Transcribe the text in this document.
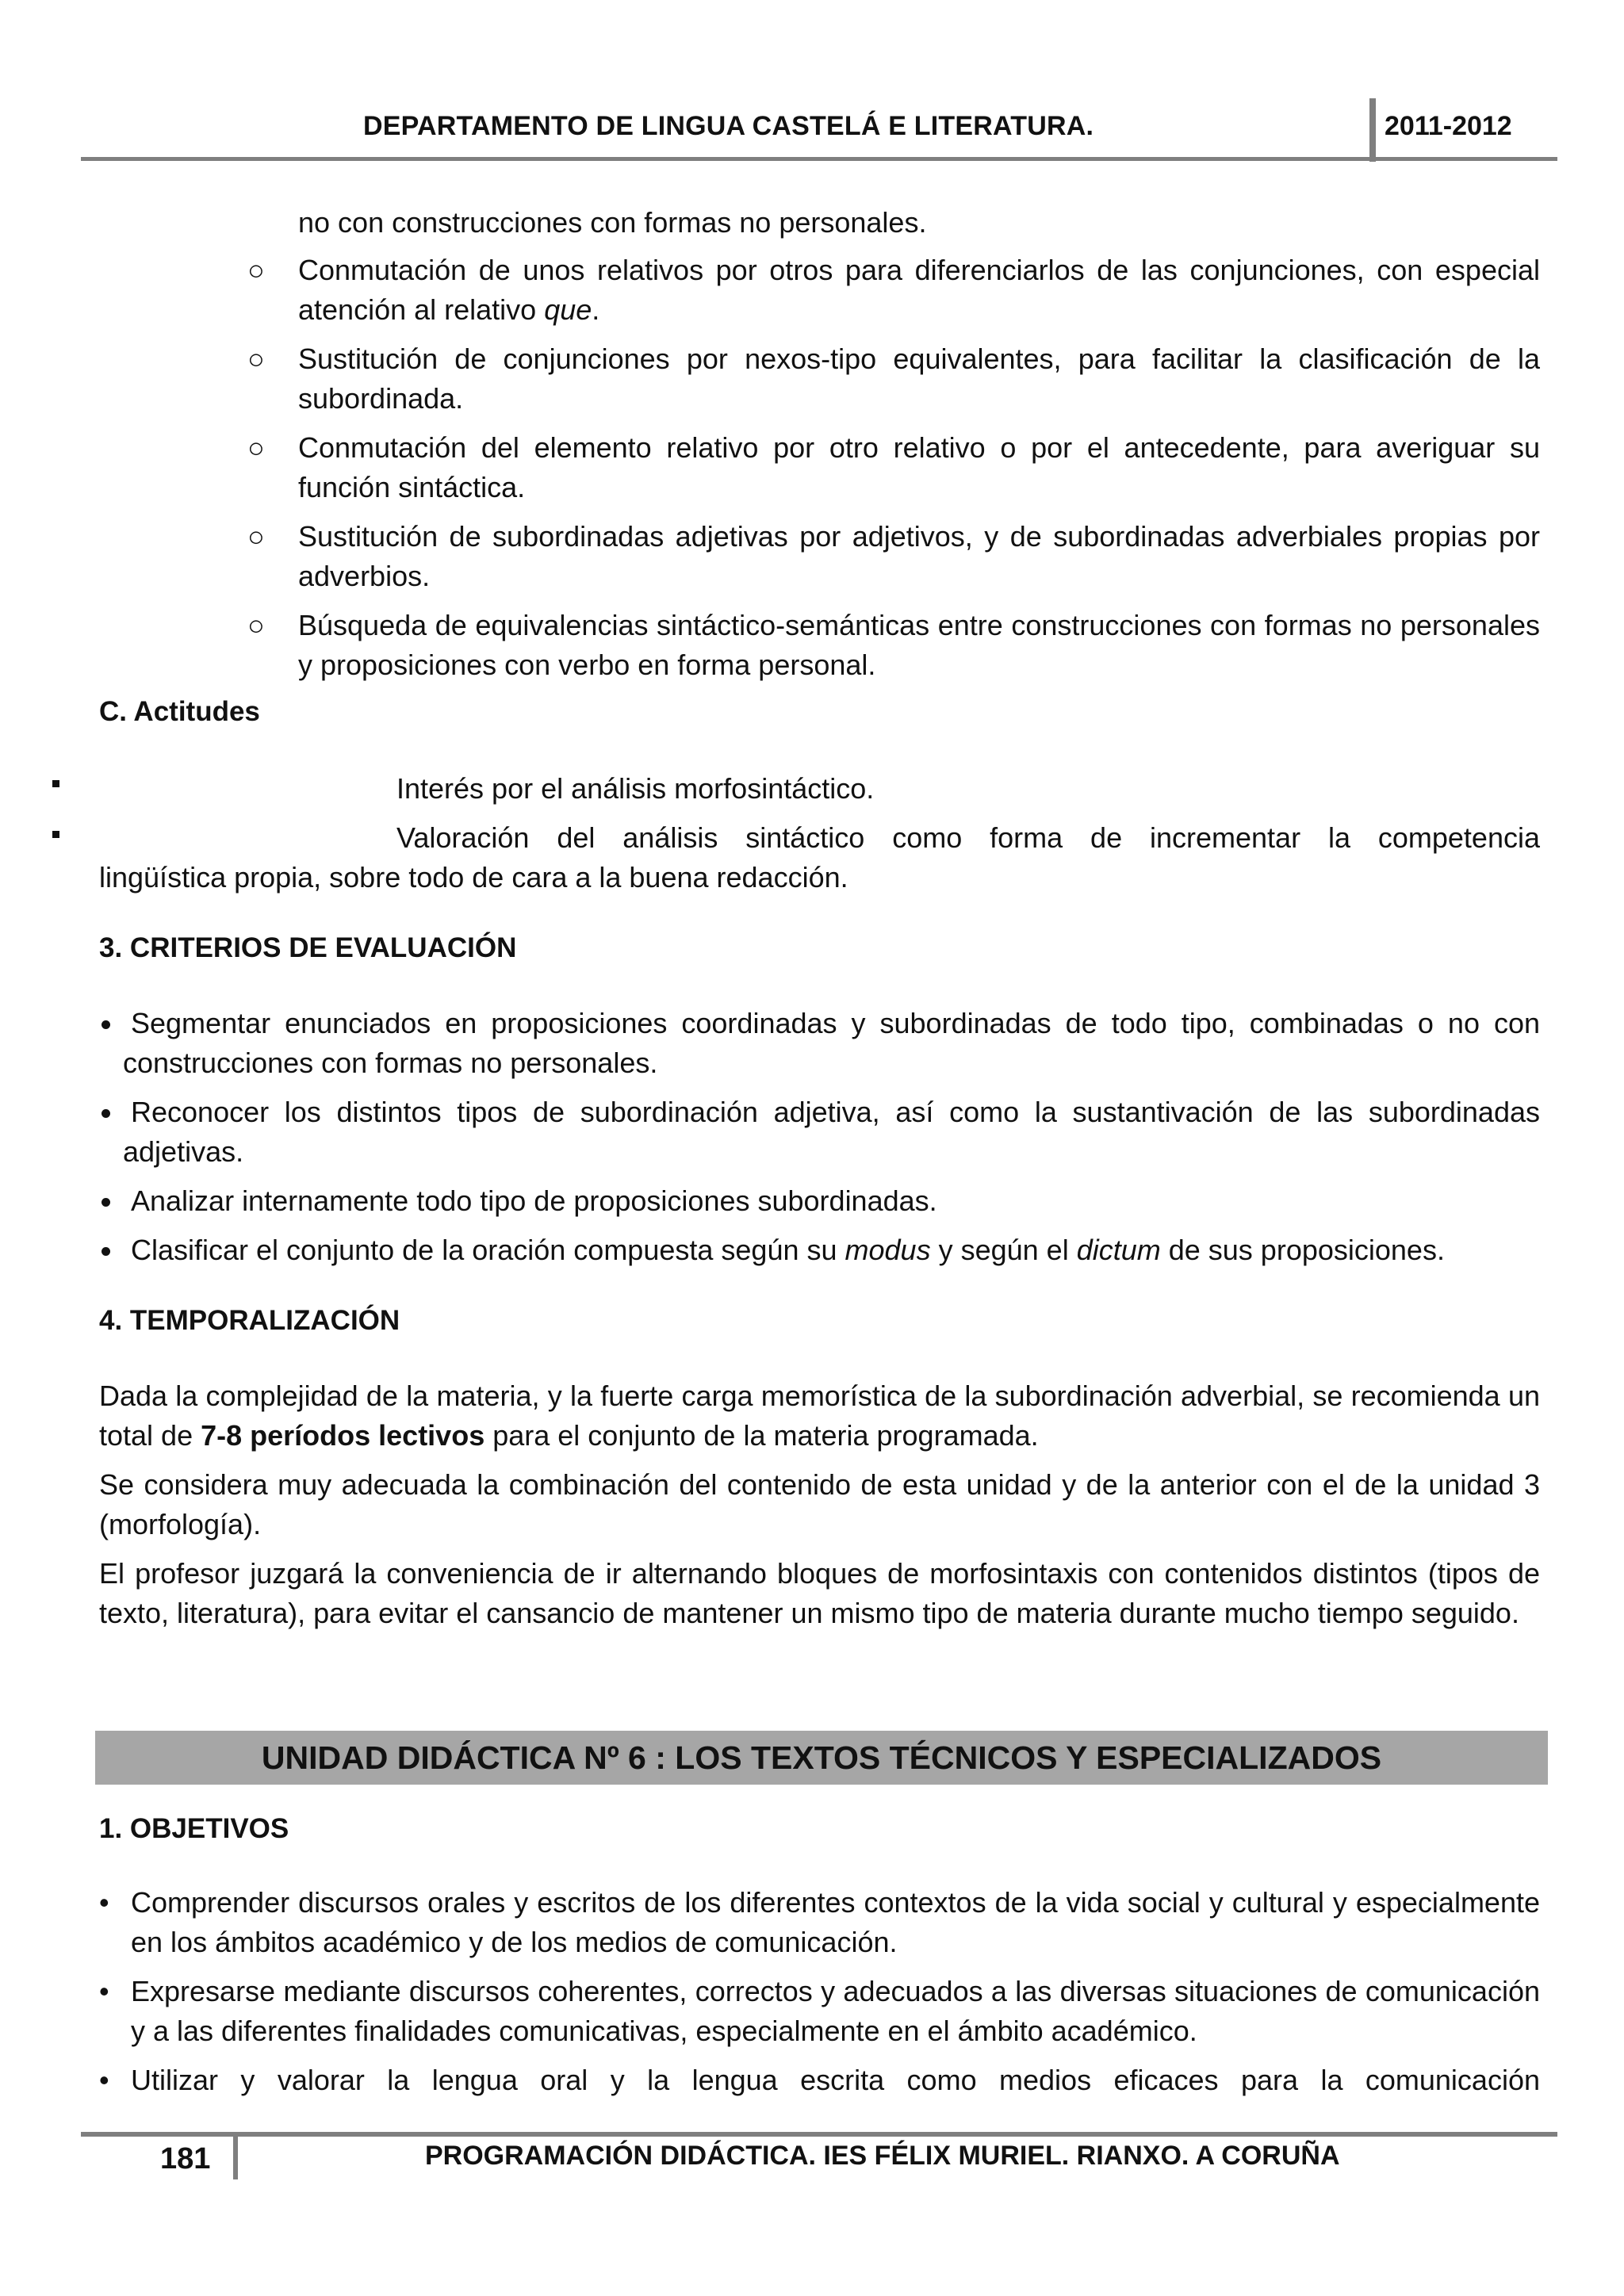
DEPARTAMENTO DE LINGUA CASTELÁ E LITERATURA.	2011-2012
no con construcciones con formas no personales.
○ Conmutación de unos relativos por otros para diferenciarlos de las conjunciones, con especial atención al relativo que.
○ Sustitución de conjunciones por nexos-tipo equivalentes, para facilitar la clasificación de la subordinada.
○ Conmutación del elemento relativo por otro relativo o por el antecedente, para averiguar su función sintáctica.
○ Sustitución de subordinadas adjetivas por adjetivos, y de subordinadas adverbiales propias por adverbios.
○ Búsqueda de equivalencias sintáctico-semánticas entre construcciones con formas no personales y proposiciones con verbo en forma personal.
C. Actitudes
Interés por el análisis morfosintáctico.
Valoración del análisis sintáctico como forma de incrementar la competencia
lingüística propia, sobre todo de cara a la buena redacción.
3. CRITERIOS DE EVALUACIÓN
Segmentar enunciados en proposiciones coordinadas y subordinadas de todo tipo, combinadas o no con construcciones con formas no personales.
Reconocer los distintos tipos de subordinación adjetiva, así como la sustantivación de las subordinadas adjetivas.
Analizar internamente todo tipo de proposiciones subordinadas.
Clasificar el conjunto de la oración compuesta según su modus y según el dictum de sus proposiciones.
4. TEMPORALIZACIÓN
Dada la complejidad de la materia, y la fuerte carga memorística de la subordinación adverbial, se recomienda un total de 7-8 períodos lectivos para el conjunto de la materia programada.
Se considera muy adecuada la combinación del contenido de esta unidad y de la anterior con el de la unidad 3 (morfología).
El profesor juzgará la conveniencia de ir alternando bloques de morfosintaxis con contenidos distintos (tipos de texto, literatura), para evitar el cansancio de mantener un mismo tipo de materia durante mucho tiempo seguido.
UNIDAD DIDÁCTICA Nº 6 : LOS TEXTOS TÉCNICOS Y ESPECIALIZADOS
1. OBJETIVOS
• Comprender discursos orales y escritos de los diferentes contextos de la vida social y cultural y especialmente en los ámbitos académico y de los medios de comunicación.
• Expresarse mediante discursos coherentes, correctos y adecuados a las diversas situaciones de comunicación y a las diferentes finalidades comunicativas, especialmente en el ámbito académico.
• Utilizar y valorar la lengua oral y la lengua escrita como medios eficaces para la comunicación
181	PROGRAMACIÓN DIDÁCTICA. IES FÉLIX MURIEL. RIANXO. A CORUÑA
